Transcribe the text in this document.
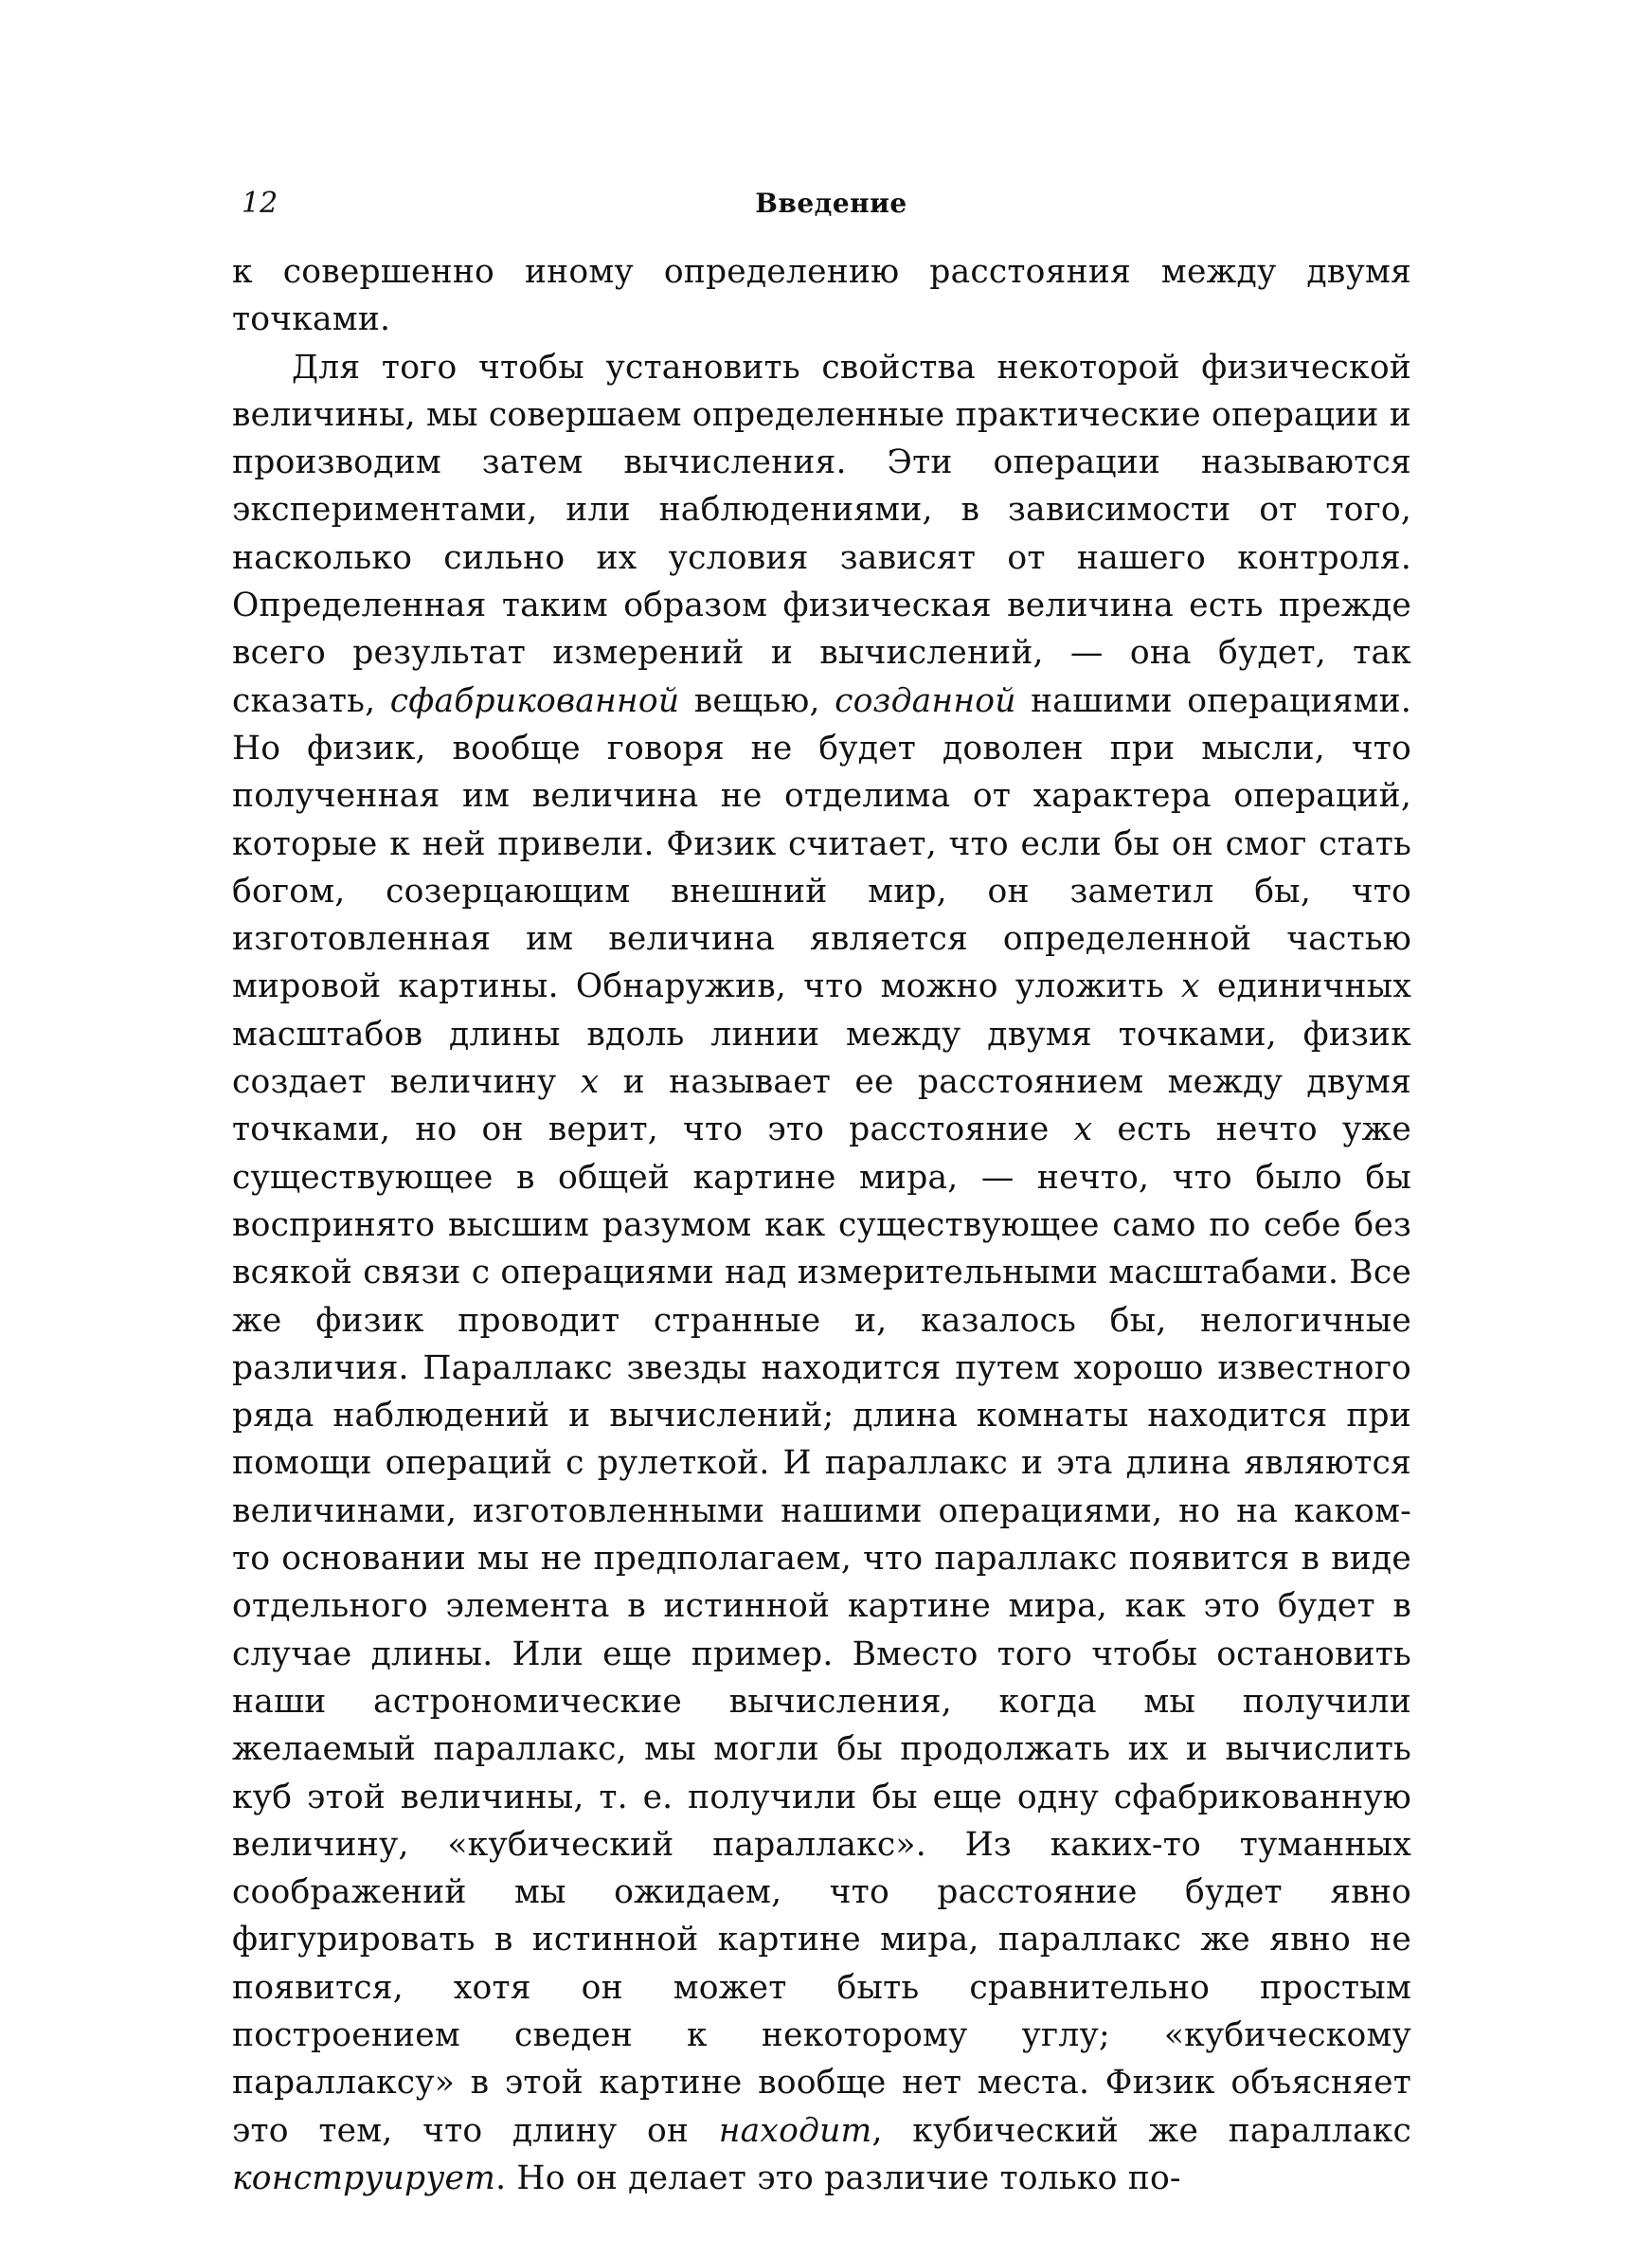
12	Введение

к совершенно иному определению расстояния между двумя точками.

Для того чтобы установить свойства некоторой физической величины, мы совершаем определенные практические операции и производим затем вычисления. Эти операции называются экспериментами, или наблюдениями, в зависимости от того, насколько сильно их условия зависят от нашего контроля. Определенная таким образом физическая величина есть прежде всего результат измерений и вычислений, — она будет, так сказать, сфабрикованной вещью, созданной нашими операциями. Но физик, вообще говоря не будет доволен при мысли, что полученная им величина не отделима от характера операций, которые к ней привели. Физик считает, что если бы он смог стать богом, созерцающим внешний мир, он заметил бы, что изготовленная им величина является определенной частью мировой картины. Обнаружив, что можно уложить x единичных масштабов длины вдоль линии между двумя точками, физик создает величину x и называет ее расстоянием между двумя точками, но он верит, что это расстояние x есть нечто уже существующее в общей картине мира, — нечто, что было бы воспринято высшим разумом как существующее само по себе без всякой связи с операциями над измерительными масштабами. Все же физик проводит странные и, казалось бы, нелогичные различия. Параллакс звезды находится путем хорошо известного ряда наблюдений и вычислений; длина комнаты находится при помощи операций с рулеткой. И параллакс и эта длина являются величинами, изготовленными нашими операциями, но на каком-то основании мы не предполагаем, что параллакс появится в виде отдельного элемента в истинной картине мира, как это будет в случае длины. Или еще пример. Вместо того чтобы остановить наши астрономические вычисления, когда мы получили желаемый параллакс, мы могли бы продолжать их и вычислить куб этой величины, т. е. получили бы еще одну сфабрикованную величину, «кубический параллакс». Из каких-то туманных соображений мы ожидаем, что расстояние будет явно фигурировать в истинной картине мира, параллакс же явно не появится, хотя он может быть сравнительно простым построением сведен к некоторому углу; «кубическому параллаксу» в этой картине вообще нет места. Физик объясняет это тем, что длину он находит, кубический же параллакс конструирует. Но он делает это различие только по-
